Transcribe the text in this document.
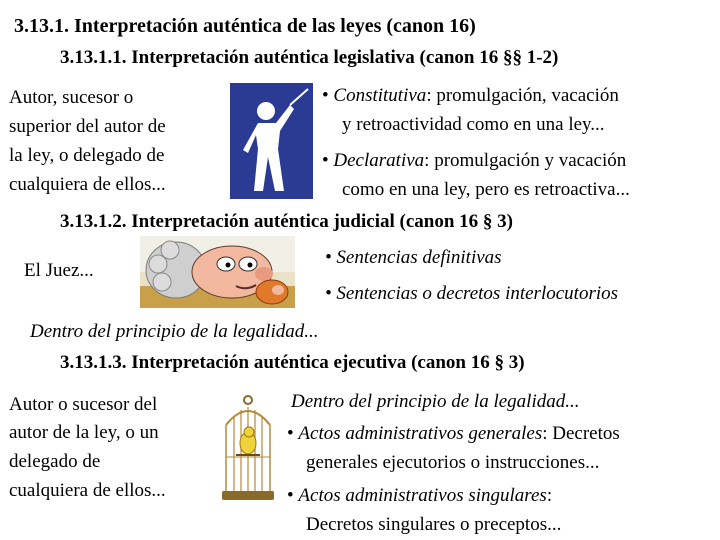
3.13.1. Interpretación auténtica de las leyes (canon 16)
3.13.1.1. Interpretación auténtica legislativa (canon 16 §§ 1-2)
Autor, sucesor o
superior del autor de
la ley, o delegado de
cualquiera de ellos...
• Constitutiva: promulgación, vacación
y retroactividad como en una ley...
• Declarativa: promulgación y vacación
como en una ley, pero es retroactiva...
3.13.1.2. Interpretación auténtica judicial (canon 16 § 3)
El Juez...
• Sentencias definitivas
• Sentencias o decretos interlocutorios
Dentro del principio de la legalidad...
3.13.1.3. Interpretación auténtica ejecutiva (canon 16 § 3)
Autor o sucesor del
autor de la ley, o un
delegado de
cualquiera de ellos...
Dentro del principio de la legalidad...
• Actos administrativos generales: Decretos
generales ejecutorios o instrucciones...
• Actos administrativos singulares:
Decretos singulares o preceptos...
